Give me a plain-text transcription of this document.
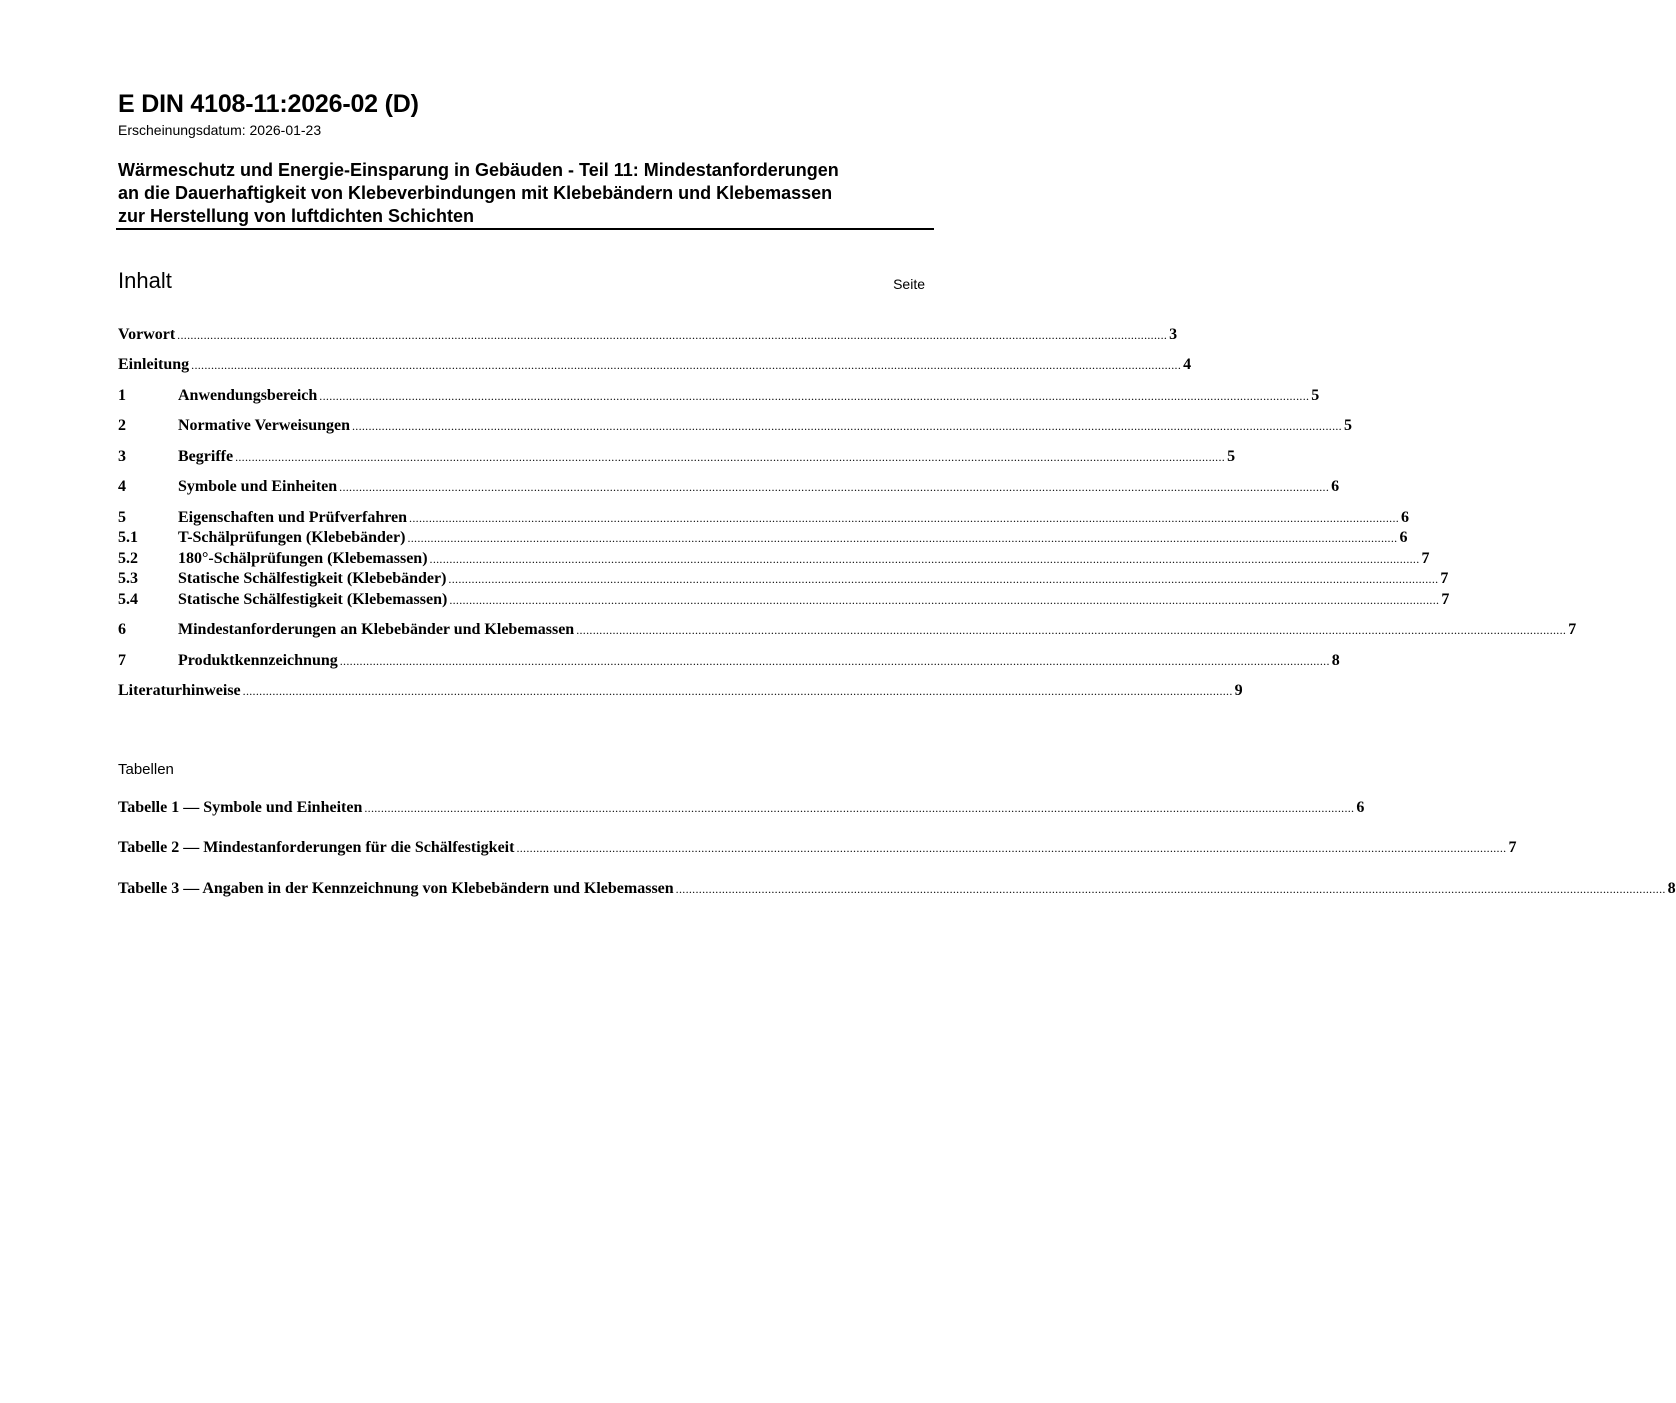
E DIN 4108-11:2026-02 (D)
Erscheinungsdatum: 2026-01-23
Wärmeschutz und Energie-Einsparung in Gebäuden - Teil 11: Mindestanforderungen
an die Dauerhaftigkeit von Klebeverbindungen mit Klebebändern und Klebemassen
zur Herstellung von luftdichten Schichten
Inhalt	Seite
Vorwort ............................................................................................................................................................................................................................................................................................................ 3
Einleitung ............................................................................................................................................................................................................................................................................................................ 4
1	Anwendungsbereich ............................................................................................................................................................................................................................................................................................................ 5
2	Normative Verweisungen ............................................................................................................................................................................................................................................................................................................ 5
3	Begriffe ............................................................................................................................................................................................................................................................................................................ 5
4	Symbole und Einheiten ............................................................................................................................................................................................................................................................................................................ 6
5	Eigenschaften und Prüfverfahren ............................................................................................................................................................................................................................................................................................................ 6
5.1	T-Schälprüfungen (Klebebänder) ............................................................................................................................................................................................................................................................................................................ 6
5.2	180°-Schälprüfungen (Klebemassen) ............................................................................................................................................................................................................................................................................................................ 7
5.3	Statische Schälfestigkeit (Klebebänder) ............................................................................................................................................................................................................................................................................................................ 7
5.4	Statische Schälfestigkeit (Klebemassen) ............................................................................................................................................................................................................................................................................................................ 7
6	Mindestanforderungen an Klebebänder und Klebemassen ............................................................................................................................................................................................................................................................................................................ 7
7	Produktkennzeichnung ............................................................................................................................................................................................................................................................................................................ 8
Literaturhinweise ............................................................................................................................................................................................................................................................................................................ 9
Tabellen
Tabelle 1 — Symbole und Einheiten ............................................................................................................................................................................................................................................................................................................ 6
Tabelle 2 — Mindestanforderungen für die Schälfestigkeit ............................................................................................................................................................................................................................................................................................................ 7
Tabelle 3 — Angaben in der Kennzeichnung von Klebebändern und Klebemassen ............................................................................................................................................................................................................................................................................................................ 8
